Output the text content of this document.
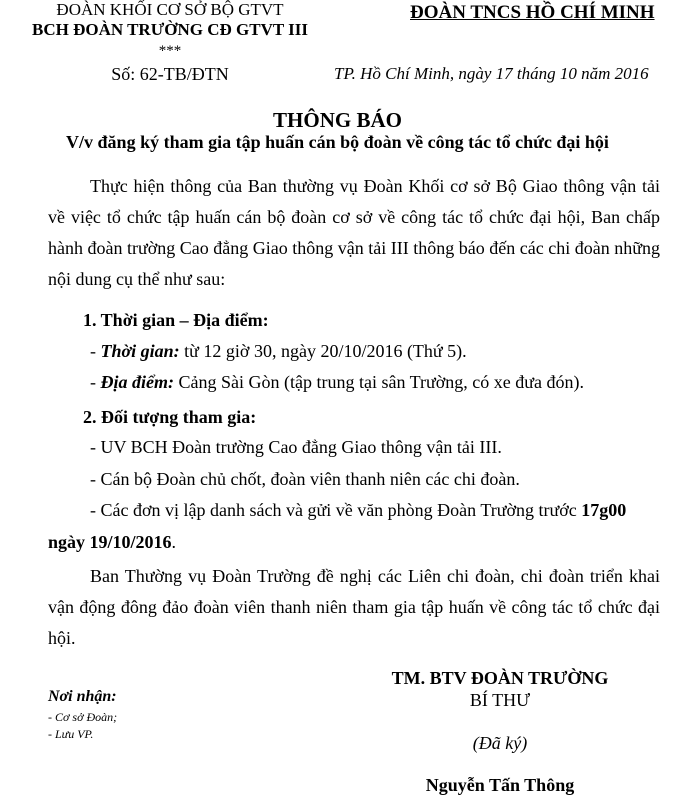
ĐOÀN KHỐI CƠ SỞ BỘ GTVT
BCH ĐOÀN TRƯỜNG CĐ GTVT III
***
Số: 62-TB/ĐTN
ĐOÀN TNCS HỒ CHÍ MINH
TP. Hồ Chí Minh, ngày 17 tháng 10 năm 2016
THÔNG BÁO
V/v đăng ký tham gia tập huấn cán bộ đoàn về công tác tổ chức đại hội
Thực hiện thông của Ban thường vụ Đoàn Khối cơ sở Bộ Giao thông vận tải về việc tổ chức tập huấn cán bộ đoàn cơ sở về công tác tổ chức đại hội, Ban chấp hành đoàn trường Cao đẳng Giao thông vận tải III thông báo đến các chi đoàn những nội dung cụ thể như sau:
1. Thời gian – Địa điểm:
- Thời gian: từ 12 giờ 30, ngày 20/10/2016 (Thứ 5).
- Địa điểm: Cảng Sài Gòn (tập trung tại sân Trường, có xe đưa đón).
2. Đối tượng tham gia:
- UV BCH Đoàn trường Cao đẳng Giao thông vận tải III.
- Cán bộ Đoàn chủ chốt, đoàn viên thanh niên các chi đoàn.
- Các đơn vị lập danh sách và gửi về văn phòng Đoàn Trường trước 17g00
ngày 19/10/2016.
Ban Thường vụ Đoàn Trường đề nghị các Liên chi đoàn, chi đoàn triển khai vận động đông đảo đoàn viên thanh niên tham gia tập huấn về công tác tổ chức đại hội.
Nơi nhận:
- Cơ sở Đoàn;
- Lưu VP.
TM. BTV ĐOÀN TRƯỜNG
BÍ THƯ
(Đã ký)
Nguyễn Tấn Thông
